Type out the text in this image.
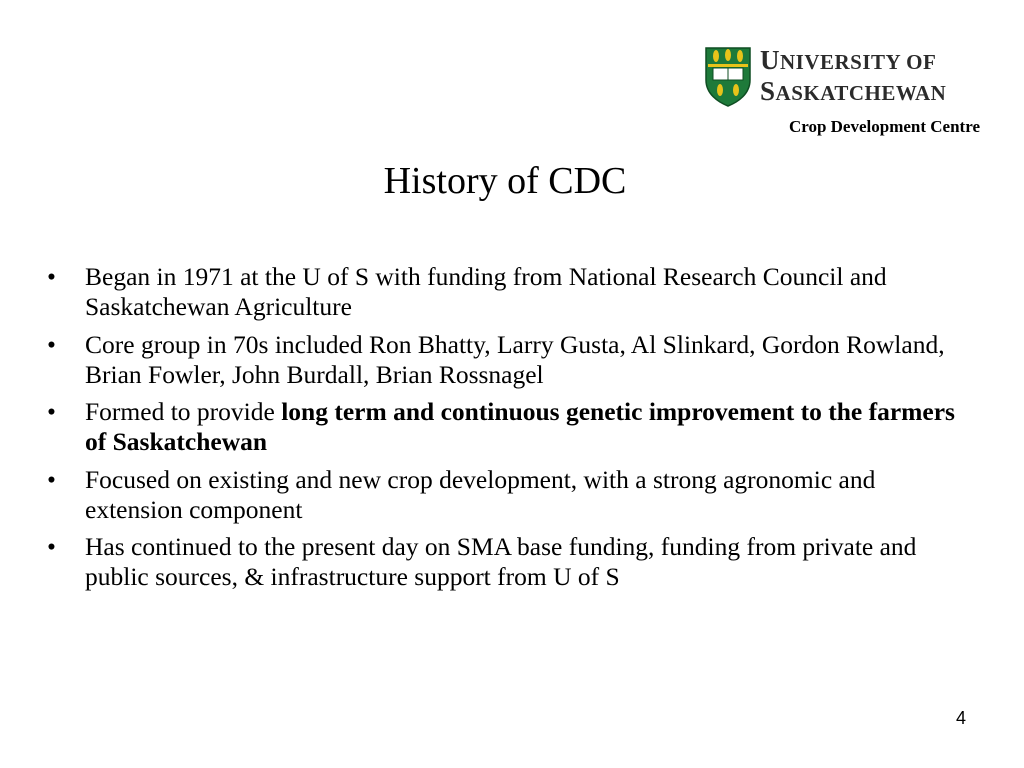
UNIVERSITY OF
SASKATCHEWAN
Crop Development Centre
History of CDC
• Began in 1971 at the U of S with funding from National Research Council and Saskatchewan Agriculture
• Core group in 70s included Ron Bhatty, Larry Gusta, Al Slinkard, Gordon Rowland, Brian Fowler, John Burdall, Brian Rossnagel
• Formed to provide long term and continuous genetic improvement to the farmers of Saskatchewan
• Focused on existing and new crop development, with a strong agronomic and extension component
• Has continued to the present day on SMA base funding, funding from private and public sources, & infrastructure support from U of S
4
